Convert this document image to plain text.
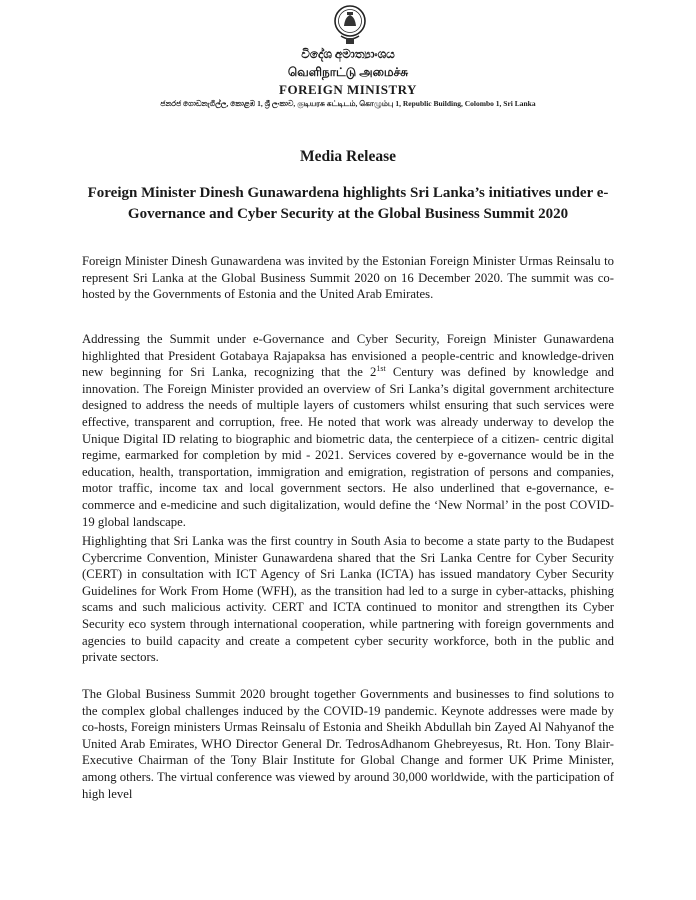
විදේශ අමාත්‍යාංශය
வெளிநாட்டு அமைச்சு
FOREIGN MINISTRY
ජනරජ ගොඩනැගිල්ල, කොළඹ 1, ශ්‍රී ලංකාව, குடியரசு கட்டிடம், கொழும்பு 1, Republic Building, Colombo 1, Sri Lanka
Media Release
Foreign Minister Dinesh Gunawardena highlights Sri Lanka’s initiatives under e-Governance and Cyber Security at the Global Business Summit 2020

Foreign Minister Dinesh Gunawardena was invited by the Estonian Foreign Minister Urmas Reinsalu to represent Sri Lanka at the Global Business Summit 2020 on 16 December 2020. The summit was co-hosted by the Governments of Estonia and the United Arab Emirates.

Addressing the Summit under e-Governance and Cyber Security, Foreign Minister Gunawardena highlighted that President Gotabaya Rajapaksa has envisioned a people-centric and knowledge-driven new beginning for Sri Lanka, recognizing that the $2^{1st}$ Century was defined by knowledge and innovation. The Foreign Minister provided an overview of Sri Lanka’s digital government architecture designed to address the needs of multiple layers of customers whilst ensuring that such services were effective, transparent and corruption, free. He noted that work was already underway to develop the Unique Digital ID relating to biographic and biometric data, the centerpiece of a citizen- centric digital regime, earmarked for completion by mid - 2021. Services covered by e-governance would be in the education, health, transportation, immigration and emigration, registration of persons and companies, motor traffic, income tax and local government sectors. He also underlined that e-governance, e-commerce and e-medicine and such digitalization, would define the ‘New Normal’ in the post COVID-19 global landscape.

Highlighting that Sri Lanka was the first country in South Asia to become a state party to the Budapest Cybercrime Convention, Minister Gunawardena shared that the Sri Lanka Centre for Cyber Security (CERT) in consultation with ICT Agency of Sri Lanka (ICTA) has issued mandatory Cyber Security Guidelines for Work From Home (WFH), as the transition had led to a surge in cyber-attacks, phishing scams and such malicious activity. CERT and ICTA continued to monitor and strengthen its Cyber Security eco system through international cooperation, while partnering with foreign governments and agencies to build capacity and create a competent cyber security workforce, both in the public and private sectors.

The Global Business Summit 2020 brought together Governments and businesses to find solutions to the complex global challenges induced by the COVID-19 pandemic. Keynote addresses were made by co-hosts, Foreign ministers Urmas Reinsalu of Estonia and Sheikh Abdullah bin Zayed Al Nahyanof the United Arab Emirates, WHO Director General Dr. TedrosAdhanom Ghebreyesus, Rt. Hon. Tony Blair-Executive Chairman of the Tony Blair Institute for Global Change and former UK Prime Minister, among others. The virtual conference was viewed by around 30,000 worldwide, with the participation of high level
